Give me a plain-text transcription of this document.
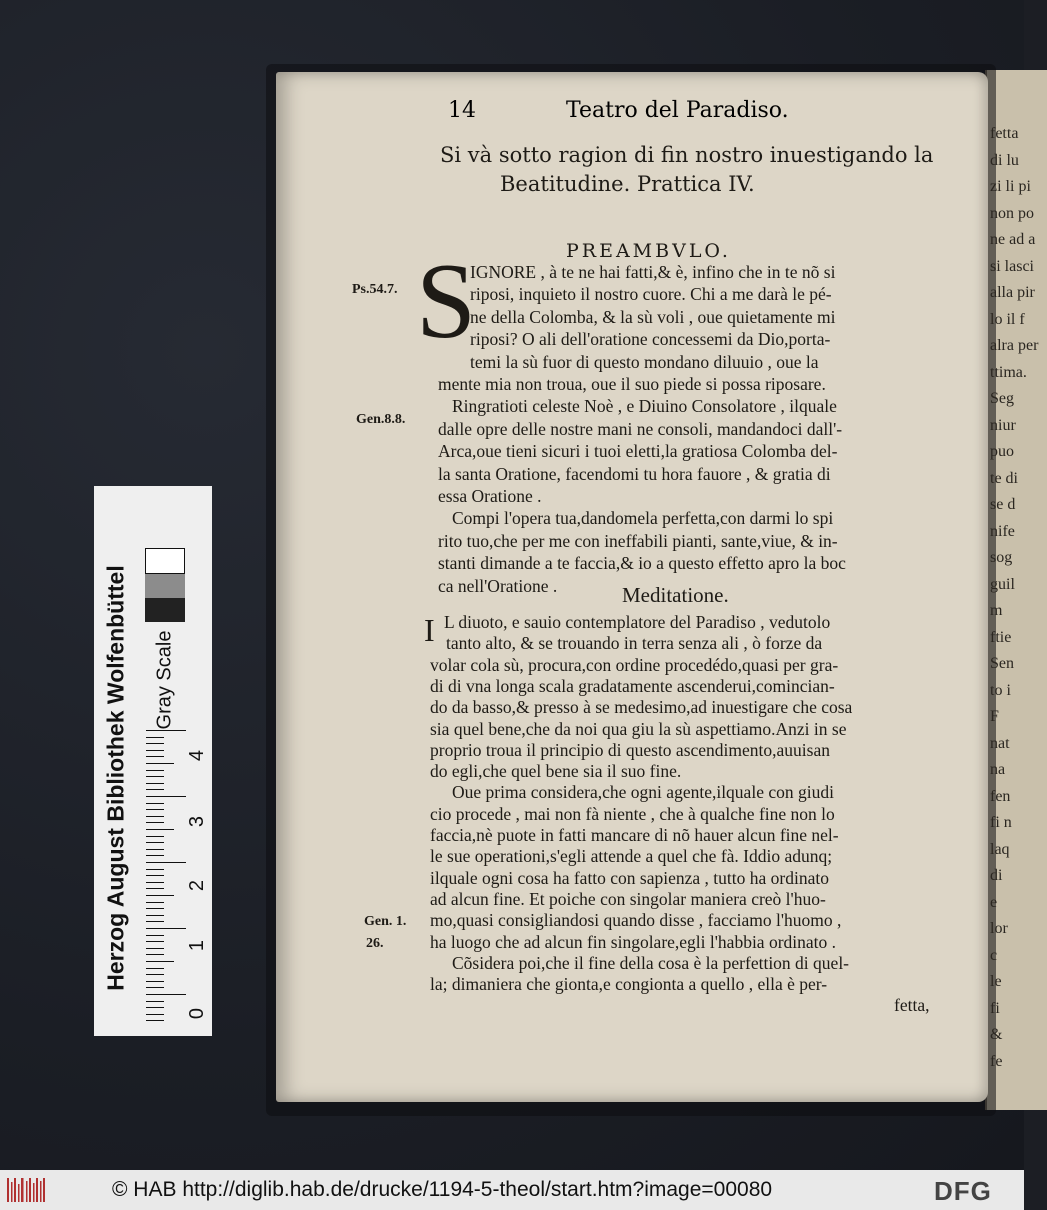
14	Teatro del Paradiso.
Si và sotto ragion di fin nostro inuestigando la
Beatitudine. Prattica IV.
PREAMBVLO.
S
IGNORE , à te ne hai fatti,& è, infino che in te nõ si
riposi, inquieto il nostro cuore. Chi a me darà le pé-
ne della Colomba, & la sù voli , oue quietamente mi
riposi? O ali dell'oratione concessemi da Dio,porta-
temi la sù fuor di questo mondano diluuio , oue la
mente mia non troua, oue il suo piede si possa riposare.
Ringratioti celeste Noè , e Diuino Consolatore , ilquale
dalle opre delle nostre mani ne consoli, mandandoci dall'-
Arca,oue tieni sicuri i tuoi eletti,la gratiosa Colomba del-
la santa Oratione, facendomi tu hora fauore , & gratia di
essa Oratione .
Compi l'opera tua,dandomela perfetta,con darmi lo spi
rito tuo,che per me con ineffabili pianti, sante,viue, & in-
stanti dimande a te faccia,& io a questo effetto apro la boc
ca nell'Oratione .	Meditatione.
I L diuoto, e sauio contemplatore del Paradiso , vedutolo
tanto alto, & se trouando in terra senza ali , ò forze da
volar cola sù, procura,con ordine procedédo,quasi per gra-
di di vna longa scala gradatamente ascenderui,comincian-
do da basso,& presso à se medesimo,ad inuestigare che cosa
sia quel bene,che da noi qua giu la sù aspettiamo.Anzi in se
proprio troua il principio di questo ascendimento,auuisan
do egli,che quel bene sia il suo fine.
Oue prima considera,che ogni agente,ilquale con giudi
cio procede , mai non fà niente , che à qualche fine non lo
faccia,nè puote in fatti mancare di nõ hauer alcun fine nel-
le sue operationi,s'egli attende a quel che fà. Iddio adunq;
ilquale ogni cosa ha fatto con sapienza , tutto ha ordinato
ad alcun fine. Et poiche con singolar maniera creò l'huo-
mo,quasi consigliandosi quando disse , facciamo l'huomo ,
ha luogo che ad alcun fin singolare,egli l'habbia ordinato .
Cõsidera poi,che il fine della cosa è la perfettion di quel-
la; dimaniera che gionta,e congionta a quello , ella è per-
fetta,
Ps.54.7.
Gen.8.8.
Gen. 1.
26.
fetta
di lu
zi li pi
non po
ne ad a
si lasci
alla pir
lo il f
alra per
ttima.
Seg
niur
puo
te di
se d
nife
sog
guil
m
ftie
Sen
to i
F
nat
na
fen
fi n
laq
di
e
lor
c
le
fi
&
fe
Herzog August Bibliothek Wolfenbüttel Gray Scale
0
1
2
3
4
© HAB http://diglib.hab.de/drucke/1194-5-theol/start.htm?image=00080	DFG
